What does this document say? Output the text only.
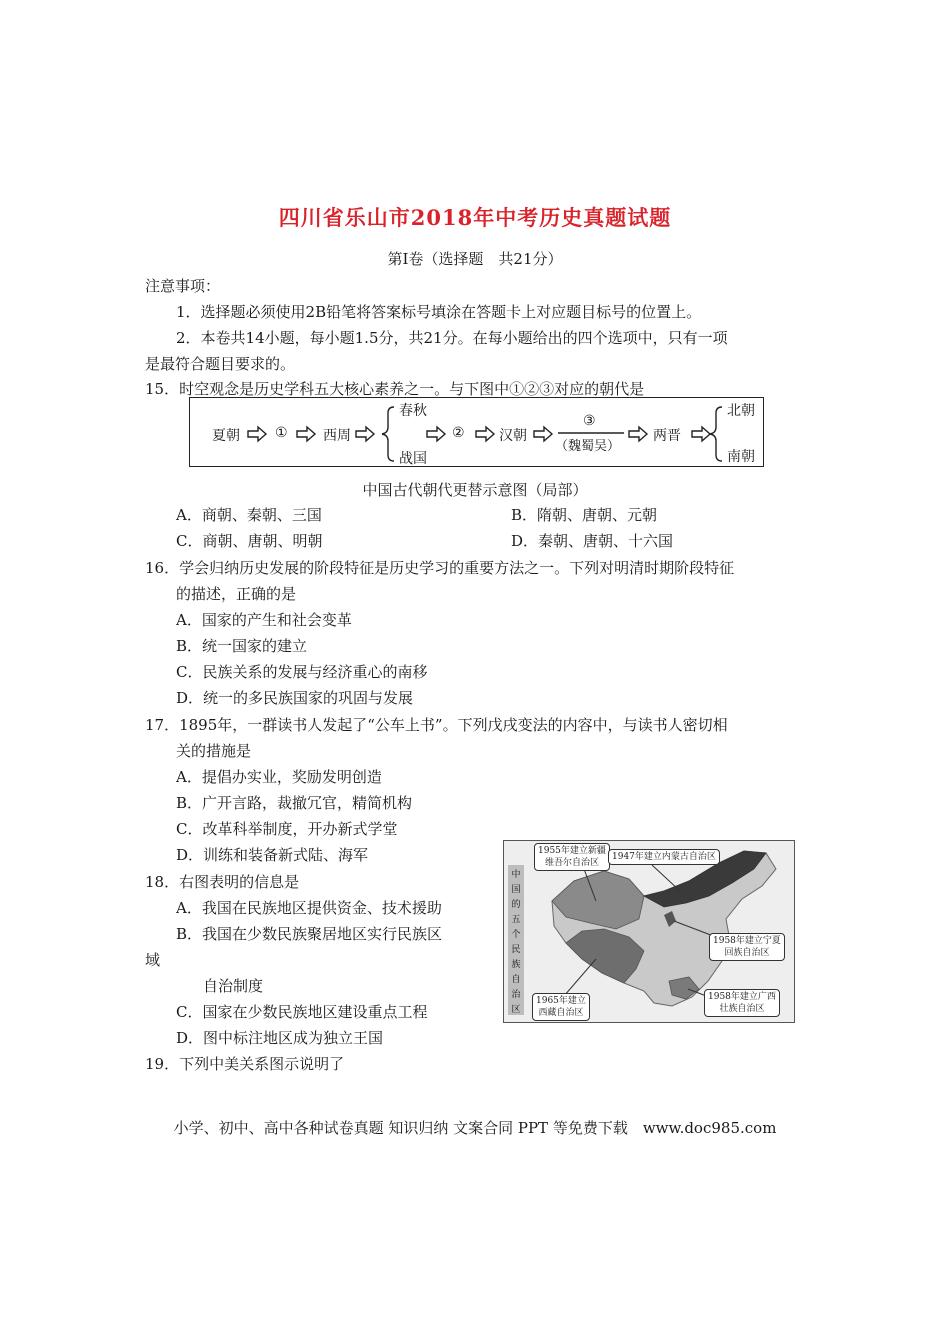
四川省乐山市2018年中考历史真题试题
第Ⅰ卷（选择题　共21分）
注意事项：
1．选择题必须使用2B铅笔将答案标号填涂在答题卡上对应题目标号的位置上。
2．本卷共14小题，每小题1.5分，共21分。在每小题给出的四个选项中，只有一项
是最符合题目要求的。
15．时空观念是历史学科五大核心素养之一。与下图中①②③对应的朝代是
夏朝	①	西周
春秋
战国
② 汉朝
③
（魏蜀吴）
两晋
北朝
南朝
中国古代朝代更替示意图（局部）
A．商朝、秦朝、三国	B．隋朝、唐朝、元朝
C．商朝、唐朝、明朝	D．秦朝、唐朝、十六国
16．学会归纳历史发展的阶段特征是历史学习的重要方法之一。下列对明清时期阶段特征
的描述，正确的是
A．国家的产生和社会变革
B．统一国家的建立
C．民族关系的发展与经济重心的南移
D．统一的多民族国家的巩固与发展
17．1895年，一群读书人发起了“公车上书”。下列戊戌变法的内容中，与读书人密切相
关的措施是
A．提倡办实业，奖励发明创造
B．广开言路，裁撤冗官，精简机构
C．改革科举制度，开办新式学堂
D．训练和装备新式陆、海军
18．右图表明的信息是
A．我国在民族地区提供资金、技术援助
B．我国在少数民族聚居地区实行民族区
域
自治制度
C．国家在少数民族地区建设重点工程
D．图中标注地区成为独立王国
中
国
的
五
个
民
族
自
治
区
1955年建立新疆
维吾尔自治区
1947年建立内蒙古自治区
1958年建立宁夏
回族自治区
1965年建立
西藏自治区
1958年建立广西
壮族自治区
19．下列中美关系图示说明了
小学、初中、高中各种试卷真题 知识归纳 文案合同 PPT 等免费下载　www.doc985.com
